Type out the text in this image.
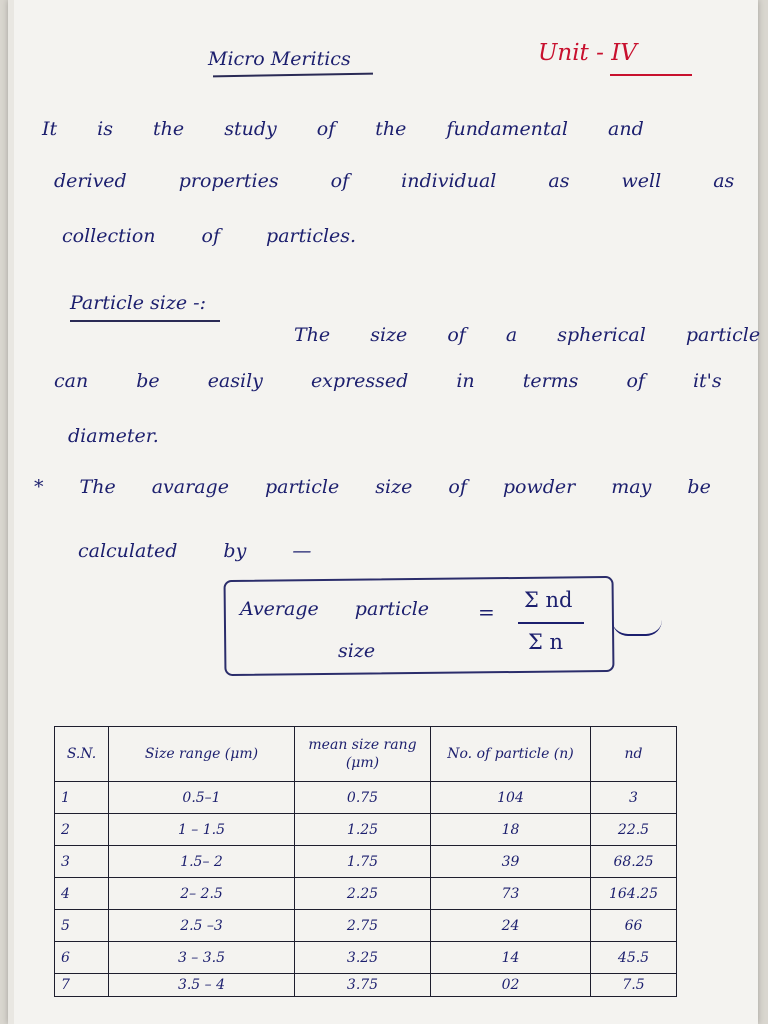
Micro Meritics	Unit - IV
It is the study of the fundamental and
derived properties of individual as well as
collection of particles.
Particle size -:
The size of a spherical particle
can be easily expressed in terms of it's
diameter.
* The avarage particle size of powder may be
calculated by —
Average particle
size
= Σ nd
Σ n
S.N.	Size range (μm)	mean size rang (μm)	No. of particle (n)	nd
1	0.5–1	0.75	104	3
2	1 – 1.5	1.25	18	22.5
3	1.5– 2	1.75	39	68.25
4	2– 2.5	2.25	73	164.25
5	2.5 –3	2.75	24	66
6	3 – 3.5	3.25	14	45.5
7	3.5 – 4	3.75	02	7.5
